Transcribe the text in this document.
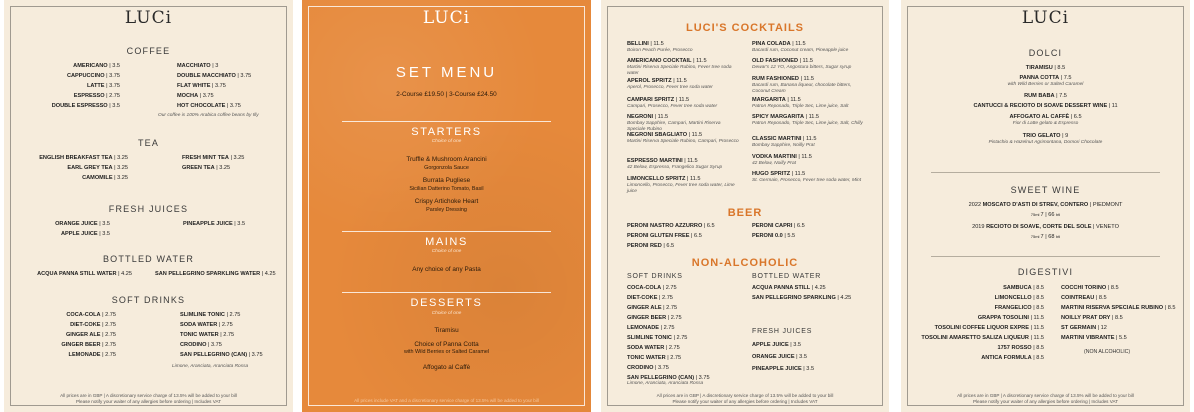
LUCi
COFFEE
AMERICANO | 3.5
CAPPUCCINO | 3.75
LATTE | 3.75
ESPRESSO | 2.75
DOUBLE ESPRESSO | 3.5
MACCHIATO | 3
DOUBLE MACCHIATO | 3.75
FLAT WHITE | 3.75
MOCHA | 3.75
HOT CHOCOLATE | 3.75
Our coffee is 100% Arabica coffee beans by Illy
TEA
ENGLISH BREAKFAST TEA | 3.25
EARL GREY TEA | 3.25
CAMOMILE | 3.25
FRESH MINT TEA | 3.25
GREEN TEA | 3.25
FRESH JUICES
ORANGE JUICE | 3.5
APPLE JUICE | 3.5
PINEAPPLE JUICE | 3.5
BOTTLED WATER
ACQUA PANNA STILL WATER | 4.25	SAN PELLEGRINO SPARKLING WATER | 4.25
SOFT DRINKS
COCA-COLA | 2.75
DIET-COKE | 2.75
GINGER ALE | 2.75
GINGER BEER | 2.75
LEMONADE | 2.75
SLIMLINE TONIC | 2.75
SODA WATER | 2.75
TONIC WATER | 2.75
CRODINO | 3.75
SAN PELLEGRINO (CAN) | 3.75
Limone, Aranciata, Aranciata Rossa
All prices are in GBP | A discretionary service charge of 13.5% will be added to your bill
Please notify your waiter of any allergies before ordering | Includes VAT
LUCi
SET MENU
2-Course £19.50 | 3-Course £24.50
STARTERS
Choice of one
Truffle & Mushroom Arancini
Gorgonzola Sauce
Burrata Pugliese
Sicilian Datterino Tomato, Basil
Crispy Artichoke Heart
Parsley Dressing
MAINS
Choice of one
Any choice of any Pasta
DESSERTS
Choice of one
Tiramisu
Choice of Panna Cotta
with Wild Berries or Salted Caramel
Affogato al Caffè
All prices include VAT and a discretionary service charge of 13.5% will be added to your bill
LUCI'S COCKTAILS
BELLINI | 11.5
Boiron Peach Purée, Prosecco
AMERICANO COCKTAIL | 11.5
Martini Riserva Speciale Rubino, Fever tree soda water
APEROL SPRITZ | 11.5
Aperol, Prosecco, Fever tree soda water
CAMPARI SPRITZ | 11.5
Campari, Prosecco, Fever tree soda water
NEGRONI | 11.5
Bombay Sapphire, Campari, Martini Riserva Speciale Rubino
NEGRONI SBAGLIATO | 11.5
Martini Riserva Speciale Rubino, Campari, Prosecco
ESPRESSO MARTINI | 11.5
42 Below, Espresso, Frangelico Sugar Syrup
LIMONCELLO SPRITZ | 11.5
Limoncello, Prosecco, Fever tree soda water, Lime juice
PINA COLADA | 11.5
Bacardi rum, Coconut cream, Pineapple juice
OLD FASHIONED | 11.5
Dewar's 12 YO, Angostura bitters, Sugar syrup
RUM FASHIONED | 11.5
Bacardi rum, Banana liqueur, chocolate bitters, Coconut Cream
MARGARITA | 11.5
Patron Reposado, Triple Sec, Lime juice, Salt
SPICY MARGARITA | 11.5
Patron Reposado, Triple Sec, Lime juice, Salt, Chilly
CLASSIC MARTINI | 11.5
Bombay Sapphire, Noilly Prat
VODKA MARTINI | 11.5
42 Below, Noilly Prat
HUGO SPRITZ | 11.5
St. Germain, Prosecco, Fever tree soda water, Mint
BEER
PERONI NASTRO AZZURRO | 6.5
PERONI GLUTEN FREE | 6.5
PERONI RED | 6.5
PERONI CAPRI | 6.5
PERONI 0.0 | 5.5
NON-ALCOHOLIC
SOFT DRINKS	BOTTLED WATER
COCA-COLA | 2.75
DIET-COKE | 2.75
GINGER ALE | 2.75
GINGER BEER | 2.75
LEMONADE | 2.75
SLIMLINE TONIC | 2.75
SODA WATER | 2.75
TONIC WATER | 2.75
CRODINO | 3.75
SAN PELLEGRINO (CAN) | 3.75
ACQUA PANNA STILL | 4.25
SAN PELLEGRINO SPARKLING | 4.25
APPLE JUICE | 3.5
ORANGE JUICE | 3.5
PINEAPPLE JUICE | 3.5
FRESH JUICES
Limone, Aranciata, Aranciata Rossa
All prices are in GBP | A discretionary service charge of 13.5% will be added to your bill
Please notify your waiter of any allergies before ordering | Includes VAT
LUCi
DOLCI
TIRAMISU | 8.5
PANNA COTTA | 7.5
with Wild Berries or Salted Caramel
RUM BABA | 7.5
CANTUCCI & RECIOTO DI SOAVE DESSERT WINE | 11
AFFOGATO AL CAFFÈ | 6.5
Fior di Latte gelato & Espresso
TRIO GELATO | 9
Pistachio & Hazelnut Agrimontana, Domori Chocolate
SWEET WINE
2022 MOSCATO D'ASTI DI STREV, CONTERO | PIEDMONT
75ml 7 | 66 btl
2019 RECIOTO DI SOAVE, CORTE DEL SOLE | VENETO
75ml 7 | 68 btl
DIGESTIVI
SAMBUCA | 8.5
LIMONCELLO | 8.5
FRANGELICO | 8.5
GRAPPA TOSOLINI | 11.5
TOSOLINI COFFEE LIQUOR EXPRE | 11.5
TOSOLINI AMARETTO SALIZA LIQUEUR | 11.5
1757 ROSSO | 8.5
ANTICA FORMULA | 8.5
COCCHI TORINO | 8.5
COINTREAU | 8.5
MARTINI RISERVA SPECIALE RUBINO | 8.5
NOILLY PRAT DRY | 8.5
ST GERMAIN | 12
MARTINI VIBRANTE | 5.5
(NON ALCOHOLIC)
All prices are in GBP | A discretionary service charge of 13.5% will be added to your bill
Please notify your waiter of any allergies before ordering | Includes VAT
